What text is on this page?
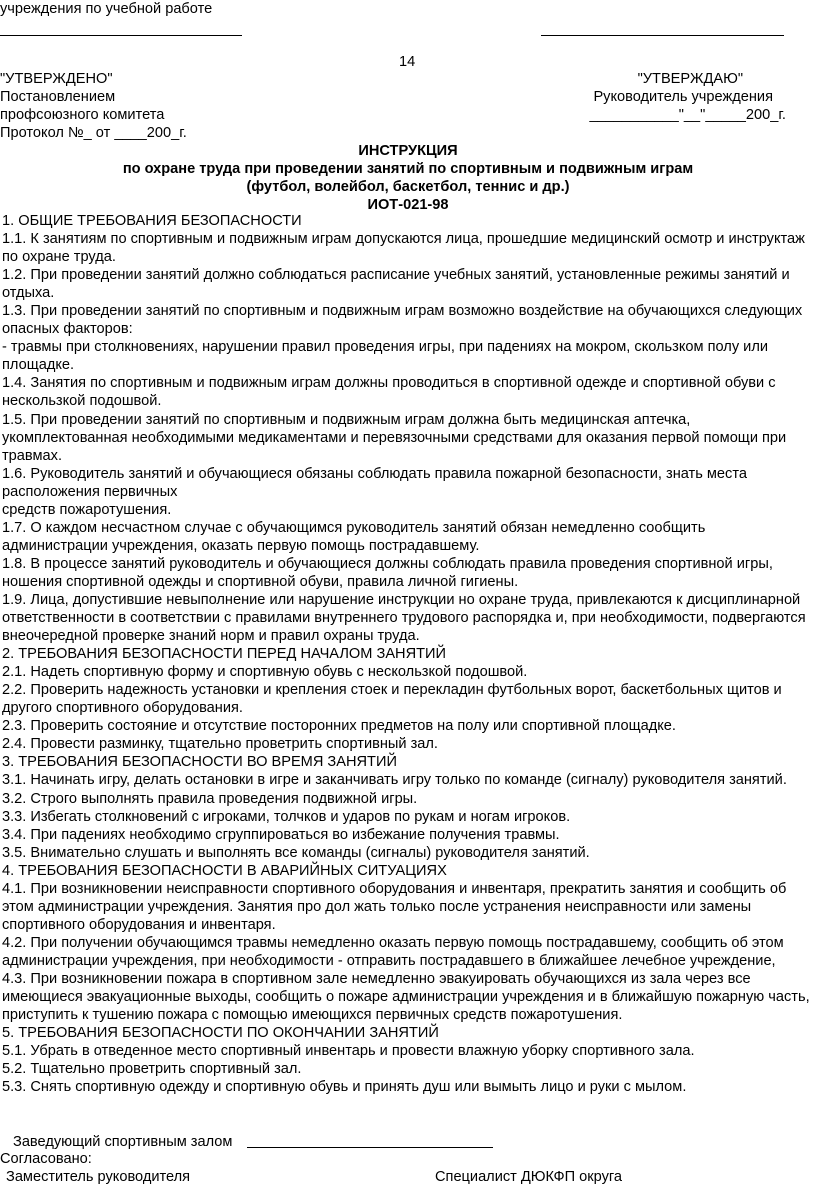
учреждения по учебной работе
14
"УТВЕРЖДЕНО"
Постановлением
профсоюзного комитета
Протокол №_ от ____200_г.
"УТВЕРЖДАЮ"
Руководитель учреждения
___________"__"_____200_г.
ИНСТРУКЦИЯ
по охране труда при проведении занятий по спортивным и подвижным играм
(футбол, волейбол, баскетбол, теннис и др.)
ИОТ-021-98

1. ОБЩИЕ ТРЕБОВАНИЯ БЕЗОПАСНОСТИ

1.1. К занятиям по спортивным и подвижным играм допускаются лица, прошедшие медицинский осмотр и инструктаж по охране труда.

1.2. При проведении занятий должно соблюдаться расписание учебных занятий, установленные режимы занятий и отдыха.

1.3. При проведении занятий по спортивным и подвижным играм возможно воздействие на обучающихся следующих опасных факторов:

- травмы при столкновениях, нарушении правил проведения игры, при падениях на мокром, скользком полу или площадке.

1.4. Занятия по спортивным и подвижным играм должны проводиться в спортивной одежде и спортивной обуви с нескользкой подошвой.

1.5. При проведении занятий по спортивным и подвижным играм должна быть медицинская аптечка, укомплектованная необходимыми медикаментами и перевязочными средствами для оказания первой помощи при травмах.

1.6. Руководитель занятий и обучающиеся обязаны соблюдать правила пожарной безопасности, знать места расположения первичных

средств пожаротушения.

1.7. О каждом несчастном случае с обучающимся руководитель занятий обязан немедленно сообщить администрации учреждения, оказать первую помощь пострадавшему.

1.8. В процессе занятий руководитель и обучающиеся должны соблюдать правила проведения спортивной игры, ношения спортивной одежды и спортивной обуви, правила личной гигиены.

1.9. Лица, допустившие невыполнение или нарушение инструкции но охране труда, привлекаются к дисциплинарной ответственности в соответствии с правилами внутреннего трудового распорядка и, при необходимости, подвергаются внеочередной проверке знаний норм и правил охраны труда.

2. ТРЕБОВАНИЯ БЕЗОПАСНОСТИ ПЕРЕД НАЧАЛОМ ЗАНЯТИЙ

2.1. Надеть спортивную форму и спортивную обувь с нескользкой подошвой.

2.2. Проверить надежность установки и крепления стоек и перекладин футбольных ворот, баскетбольных щитов и другого спортивного оборудования.

2.3. Проверить состояние и отсутствие посторонних предметов на полу или спортивной площадке.

2.4. Провести разминку, тщательно проветрить спортивный зал.

3. ТРЕБОВАНИЯ БЕЗОПАСНОСТИ ВО ВРЕМЯ ЗАНЯТИЙ

3.1. Начинать игру, делать остановки в игре и заканчивать игру только по команде (сигналу) руководителя занятий.

3.2. Строго выполнять правила проведения подвижной игры.

3.3. Избегать столкновений с игроками, толчков и ударов по рукам и ногам игроков.

3.4. При падениях необходимо сгруппироваться во избежание получения травмы.

3.5. Внимательно слушать и выполнять все команды (сигналы) руководителя занятий.

4. ТРЕБОВАНИЯ БЕЗОПАСНОСТИ В АВАРИЙНЫХ СИТУАЦИЯХ

4.1. При возникновении неисправности спортивного оборудования и инвентаря, прекратить занятия и сообщить об этом администрации учреждения. Занятия про дол жать только после устранения неисправности или замены спортивного оборудования и инвентаря.

4.2. При получении обучающимся травмы немедленно оказать первую помощь пострадавшему, сообщить об этом администрации учреждения, при необходимости - отправить пострадавшего в ближайшее лечебное учреждение,

4.3. При возникновении пожара в спортивном зале немедленно эвакуировать обучающихся из зала через все имеющиеся эвакуационные выходы, сообщить о пожаре администрации учреждения и в ближайшую пожарную часть, приступить к тушению пожара с помощью имеющихся первичных средств пожаротушения.

5. ТРЕБОВАНИЯ БЕЗОПАСНОСТИ ПО ОКОНЧАНИИ ЗАНЯТИЙ

5.1. Убрать в отведенное место спортивный инвентарь и провести влажную уборку спортивного зала.

5.2. Тщательно проветрить спортивный зал.

5.3. Снять спортивную одежду и спортивную обувь и принять душ или вымыть лицо и руки с мылом.

Заведующий спортивным залом
Согласовано:
Заместитель руководителя	Специалист ДЮКФП округа
